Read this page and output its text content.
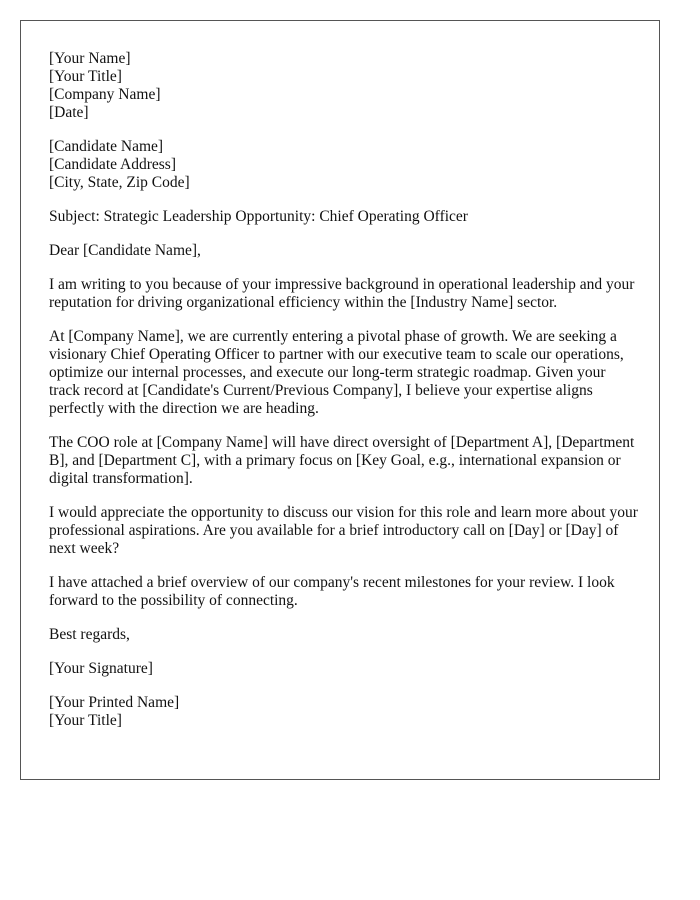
[Your Name]
[Your Title]
[Company Name]
[Date]
[Candidate Name]
[Candidate Address]
[City, State, Zip Code]

Subject: Strategic Leadership Opportunity: Chief Operating Officer

Dear [Candidate Name],

I am writing to you because of your impressive background in operational leadership and your reputation for driving organizational efficiency within the [Industry Name] sector.

At [Company Name], we are currently entering a pivotal phase of growth. We are seeking a visionary Chief Operating Officer to partner with our executive team to scale our operations, optimize our internal processes, and execute our long-term strategic roadmap. Given your track record at [Candidate's Current/Previous Company], I believe your expertise aligns perfectly with the direction we are heading.

The COO role at [Company Name] will have direct oversight of [Department A], [Department B], and [Department C], with a primary focus on [Key Goal, e.g., international expansion or digital transformation].

I would appreciate the opportunity to discuss our vision for this role and learn more about your professional aspirations. Are you available for a brief introductory call on [Day] or [Day] of next week?

I have attached a brief overview of our company's recent milestones for your review. I look forward to the possibility of connecting.

Best regards,

[Your Signature]

[Your Printed Name]
[Your Title]
